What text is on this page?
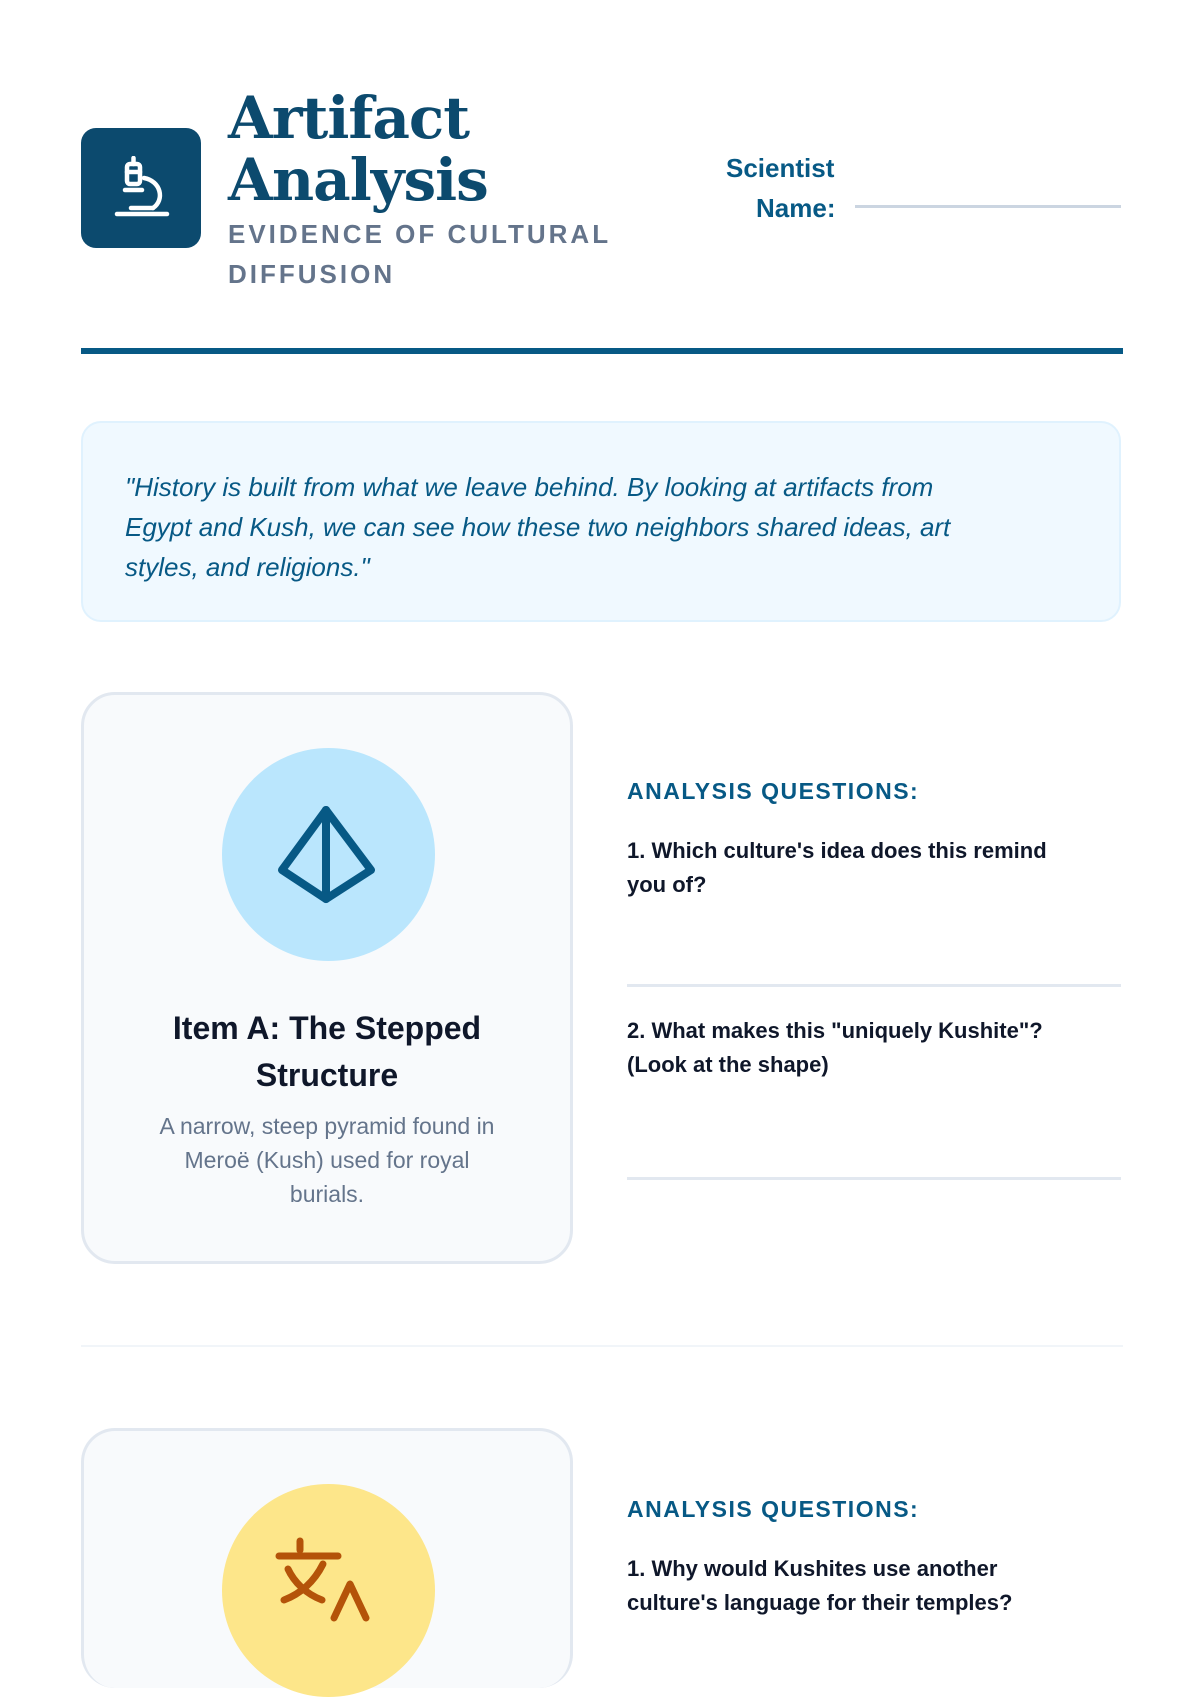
Artifact
Analysis
EVIDENCE OF CULTURAL
DIFFUSION
Scientist
Name:

"History is built from what we leave behind. By looking at artifacts from
Egypt and Kush, we can see how these two neighbors shared ideas, art
styles, and religions."

Item A: The Stepped
Structure
A narrow, steep pyramid found in
Meroë (Kush) used for royal
burials.
ANALYSIS QUESTIONS:
1. Which culture's idea does this remind
you of?
2. What makes this "uniquely Kushite"?
(Look at the shape)
ANALYSIS QUESTIONS:
1. Why would Kushites use another
culture's language for their temples?
